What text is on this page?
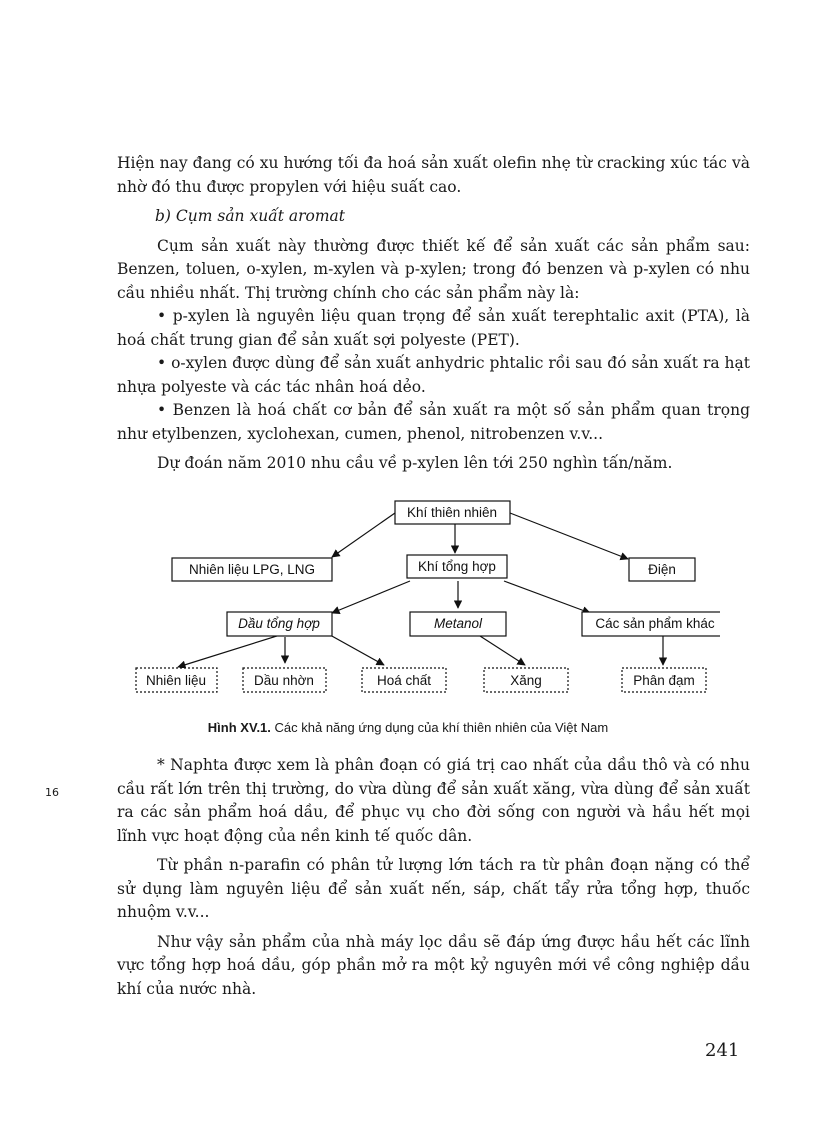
Hiện nay đang có xu hướng tối đa hoá sản xuất olefin nhẹ từ cracking xúc tác và nhờ đó thu được propylen với hiệu suất cao.

b) Cụm sản xuất aromat

Cụm sản xuất này thường được thiết kế để sản xuất các sản phẩm sau: Benzen, toluen, o-xylen, m-xylen và p-xylen; trong đó benzen và p-xylen có nhu cầu nhiều nhất. Thị trường chính cho các sản phẩm này là:

• p-xylen là nguyên liệu quan trọng để sản xuất terephtalic axit (PTA), là hoá chất trung gian để sản xuất sợi polyeste (PET).

• o-xylen được dùng để sản xuất anhydric phtalic rồi sau đó sản xuất ra hạt nhựa polyeste và các tác nhân hoá dẻo.

• Benzen là hoá chất cơ bản để sản xuất ra một số sản phẩm quan trọng như etylbenzen, xyclohexan, cumen, phenol, nitrobenzen v.v...

Dự đoán năm 2010 nhu cầu về p-xylen lên tới 250 nghìn tấn/năm.

Khí thiên nhiên
Nhiên liệu LPG, LNG	Khí tổng hợp	Điện
Dầu tổng hợp	Metanol	Các sản phẩm khác
Nhiên liệu	Dầu nhờn	Hoá chất	Xăng	Phân đạm
Hình XV.1. Các khả năng ứng dụng của khí thiên nhiên của Việt Nam
16

* Naphta được xem là phân đoạn có giá trị cao nhất của dầu thô và có nhu cầu rất lớn trên thị trường, do vừa dùng để sản xuất xăng, vừa dùng để sản xuất ra các sản phẩm hoá dầu, để phục vụ cho đời sống con người và hầu hết mọi lĩnh vực hoạt động của nền kinh tế quốc dân.

Từ phần n-parafin có phân tử lượng lớn tách ra từ phân đoạn nặng có thể sử dụng làm nguyên liệu để sản xuất nến, sáp, chất tẩy rửa tổng hợp, thuốc nhuộm v.v...

Như vậy sản phẩm của nhà máy lọc dầu sẽ đáp ứng được hầu hết các lĩnh vực tổng hợp hoá dầu, góp phần mở ra một kỷ nguyên mới về công nghiệp dầu khí của nước nhà.

241
